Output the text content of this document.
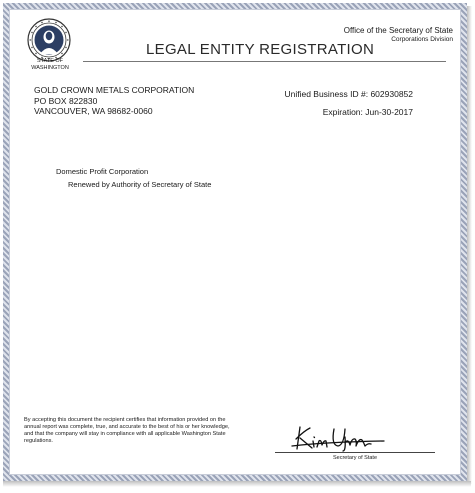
STATE OF
WASHINGTON
Office of the Secretary of State
Corporations Division
LEGAL ENTITY REGISTRATION
GOLD CROWN METALS CORPORATION
PO BOX 822830
VANCOUVER, WA 98682-0060
Unified Business ID #: 602930852
Expiration: Jun-30-2017
Domestic Profit Corporation
Renewed by Authority of Secretary of State
By accepting this document the recipient certifies that information provided on the annual report was complete, true, and accurate to the best of his or her knowledge, and that the company will stay in compliance with all applicable Washington State regulations.
Secretary of State
